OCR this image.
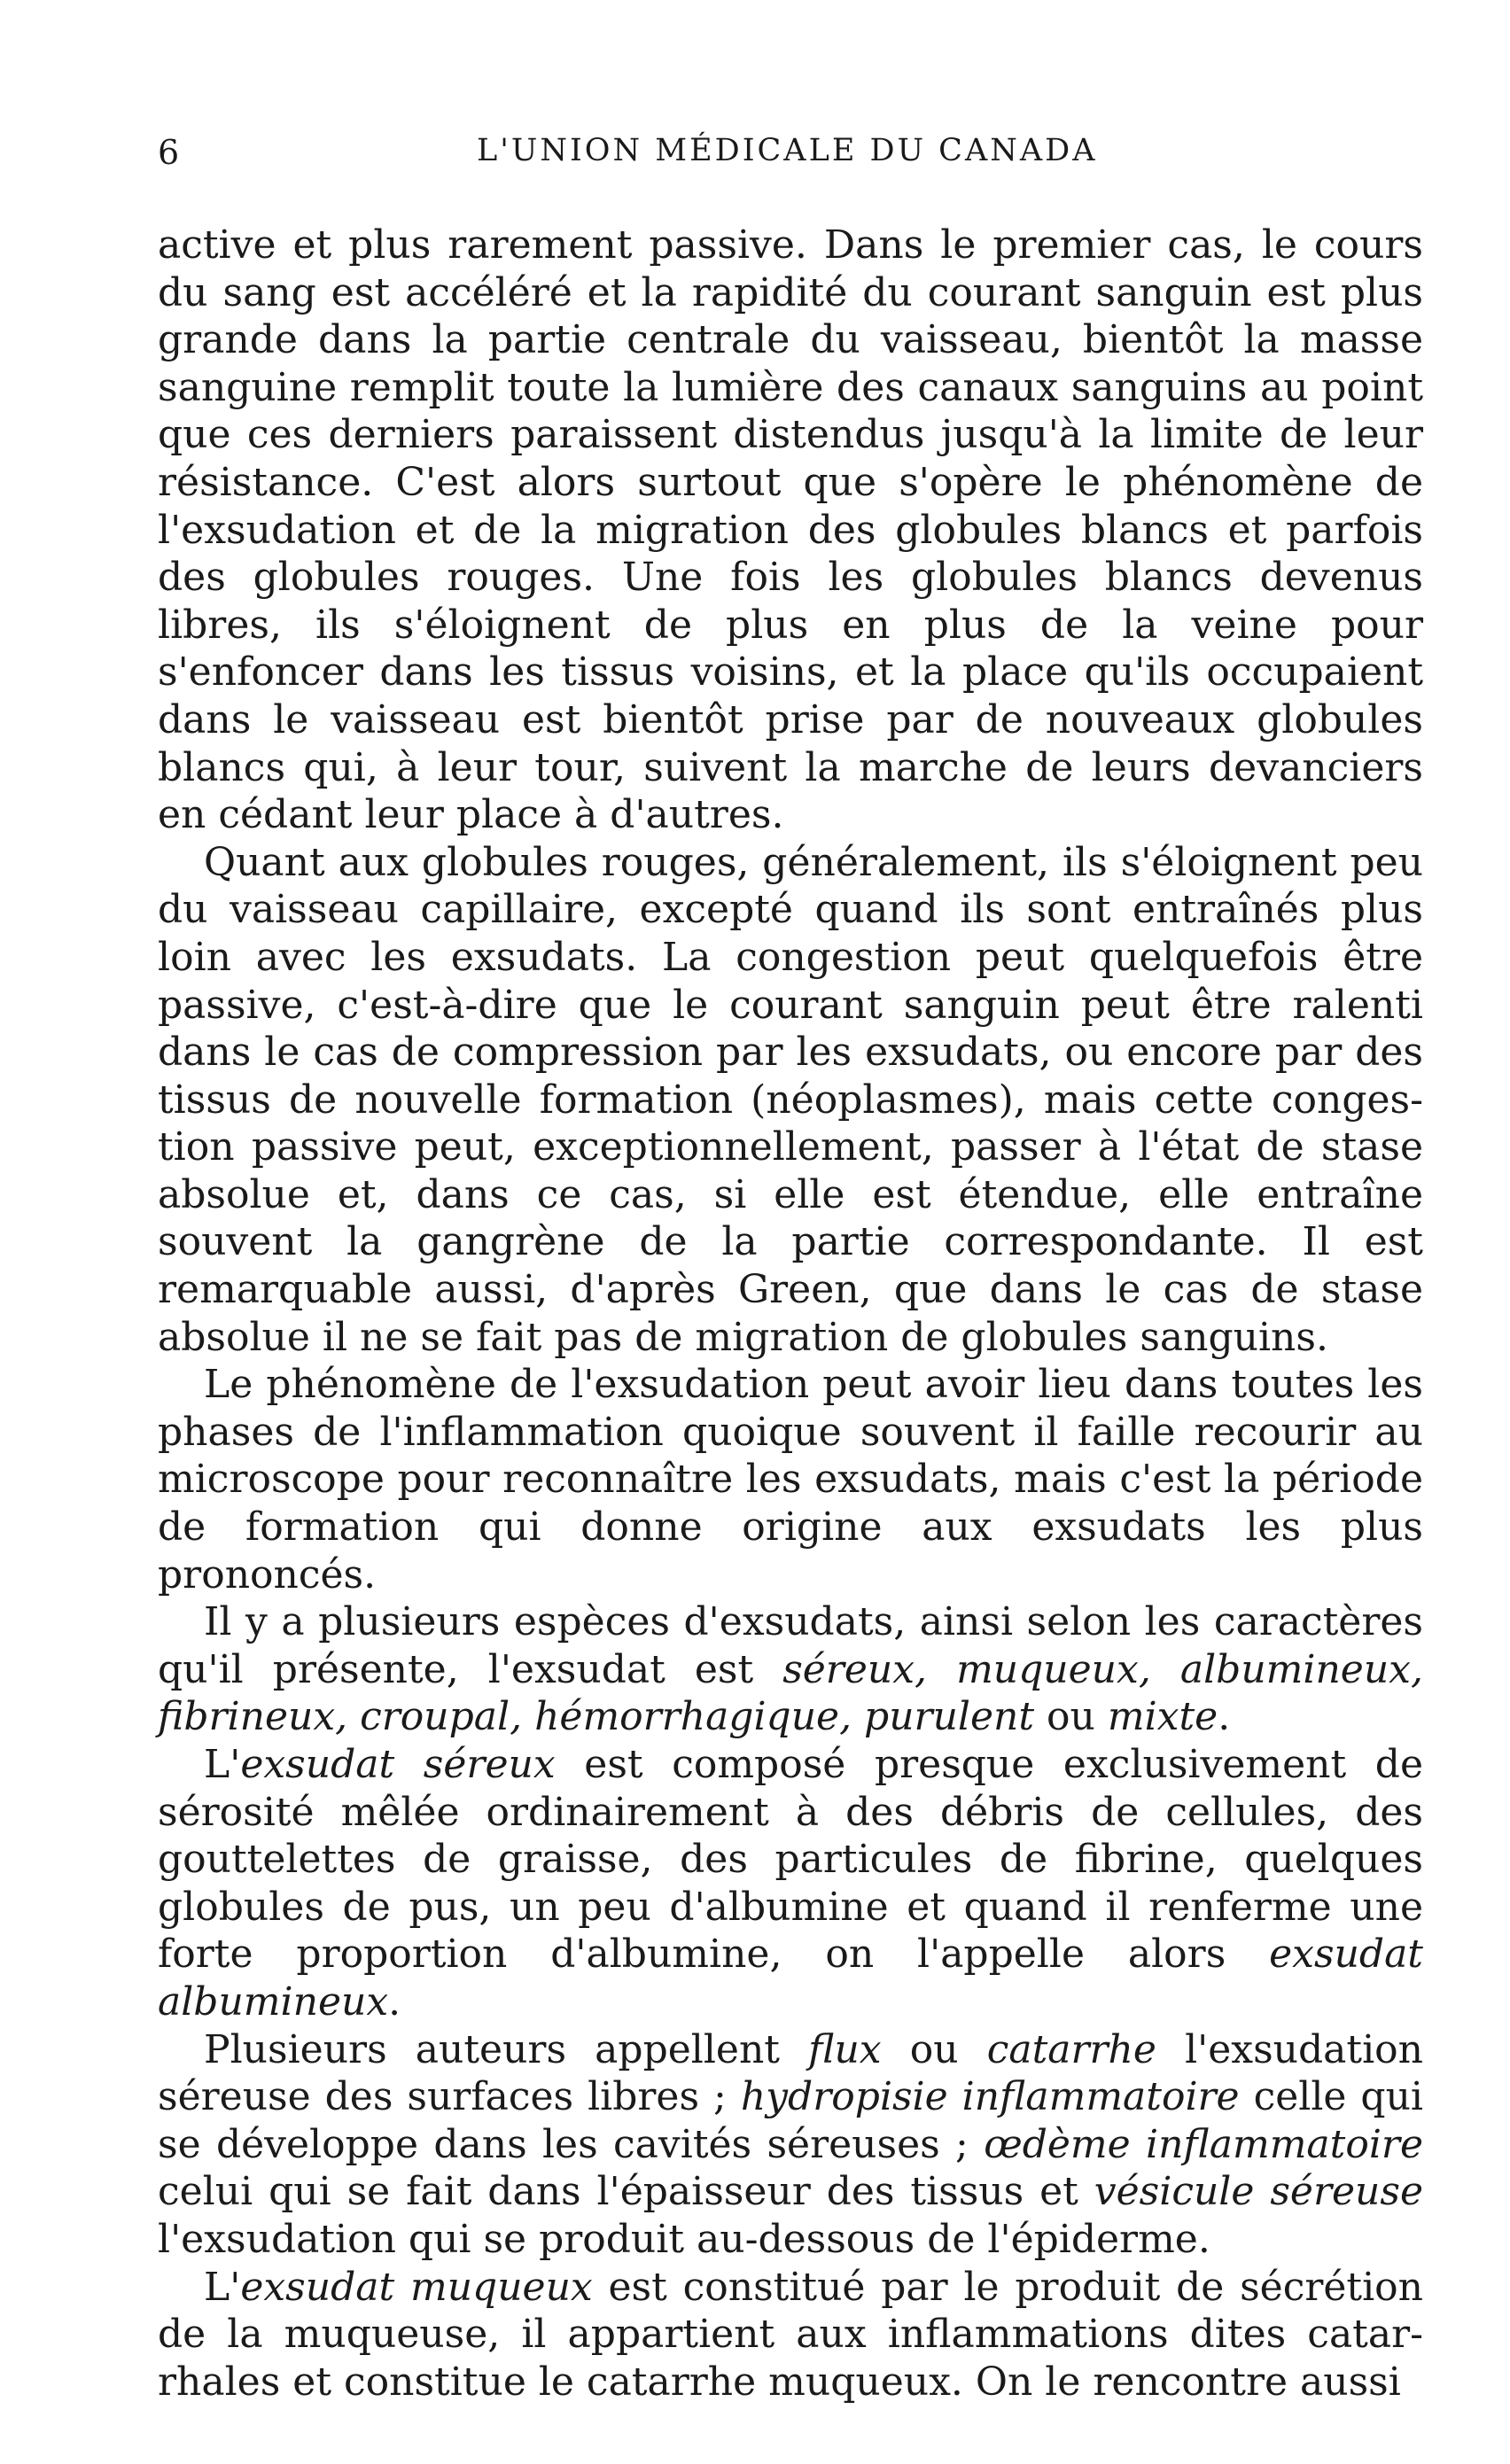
6	L'UNION MÉDICALE DU CANADA

active et plus rarement passive. Dans le premier cas, le cours du sang est accéléré et la rapidité du courant sanguin est plus grande dans la partie centrale du vaisseau, bientôt la masse sanguine remplit toute la lumière des canaux sanguins au point que ces derniers paraissent distendus jusqu'à la limite de leur résistance. C'est alors surtout que s'opère le phénomène de l'exsudation et de la migration des globules blancs et parfois des globules rouges. Une fois les globules blancs devenus libres, ils s'éloignent de plus en plus de la veine pour s'enfoncer dans les tissus voisins, et la place qu'ils occupaient dans le vaisseau est bientôt prise par de nouveaux globules blancs qui, à leur tour, suivent la marche de leurs devanciers en cédant leur place à d'autres.

Quant aux globules rouges, généralement, ils s'éloignent peu du vaisseau capillaire, excepté quand ils sont entraînés plus loin avec les exsudats. La congestion peut quelquefois être passive, c'est-à-dire que le courant sanguin peut être ralenti dans le cas de compression par les exsudats, ou encore par des tissus de nouvelle formation (néoplasmes), mais cette congestion passive peut, exceptionnellement, passer à l'état de stase absolue et, dans ce cas, si elle est étendue, elle entraîne souvent la gangrène de la partie correspondante. Il est remarquable aussi, d'après Green, que dans le cas de stase absolue il ne se fait pas de migration de globules sanguins.

Le phénomène de l'exsudation peut avoir lieu dans toutes les phases de l'inflammation quoique souvent il faille recourir au microscope pour reconnaître les exsudats, mais c'est la période de formation qui donne origine aux exsudats les plus prononcés.

Il y a plusieurs espèces d'exsudats, ainsi selon les caractères qu'il présente, l'exsudat est séreux, muqueux, albumineux, fibrineux, croupal, hémorrhagique, purulent ou mixte.

L'exsudat séreux est composé presque exclusivement de sérosité mêlée ordinairement à des débris de cellules, des gouttelettes de graisse, des particules de fibrine, quelques globules de pus, un peu d'albumine et quand il renferme une forte proportion d'albumine, on l'appelle alors exsudat albumineux.

Plusieurs auteurs appellent flux ou catarrhe l'exsudation séreuse des surfaces libres ; hydropisie inflammatoire celle qui se développe dans les cavités séreuses ; œdème inflammatoire celui qui se fait dans l'épaisseur des tissus et vésicule séreuse l'exsudation qui se produit au-dessous de l'épiderme.

L'exsudat muqueux est constitué par le produit de sécrétion de la muqueuse, il appartient aux inflammations dites catarrhales et constitue le catarrhe muqueux. On le rencontre aussi
